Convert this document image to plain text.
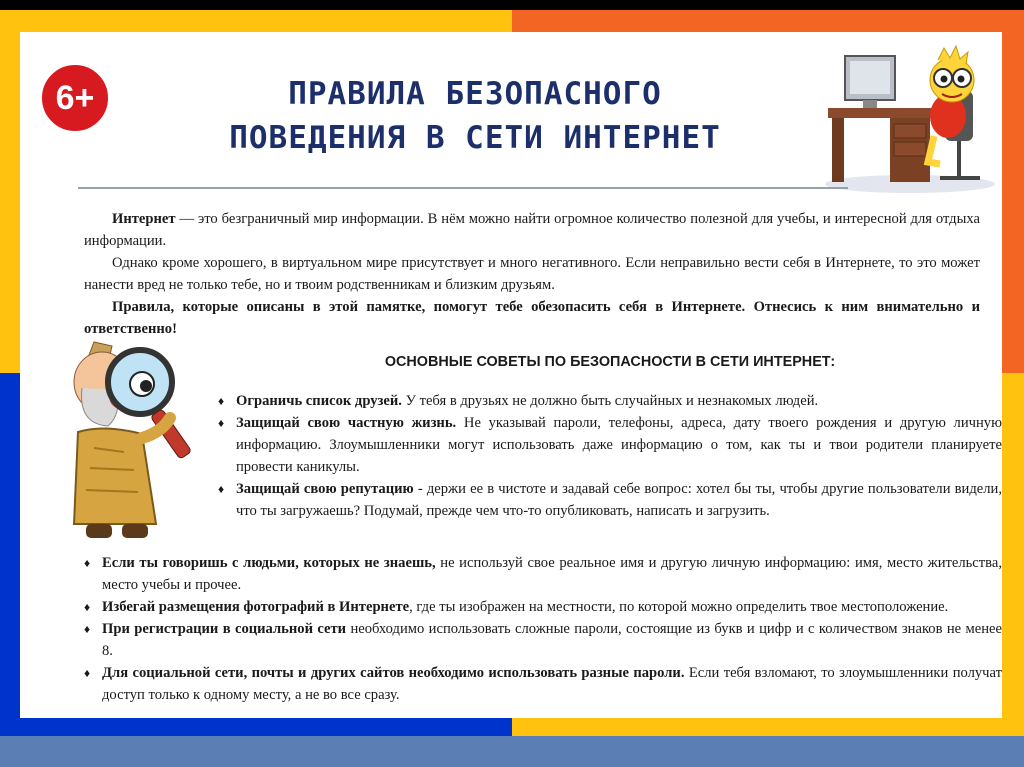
6+	ПРАВИЛА БЕЗОПАСНОГО
ПОВЕДЕНИЯ В СЕТИ ИНТЕРНЕТ

Интернет — это безграничный мир информации. В нём можно найти огромное количество полезной для учебы, и интересной для отдыха информации.

Однако кроме хорошего, в виртуальном мире присутствует и много негативного. Если неправильно вести себя в Интернете, то это может нанести вред не только тебе, но и твоим родственникам и близким друзьям.

Правила, которые описаны в этой памятке, помогут тебе обезопасить себя в Интернете. Отнесись к ним внимательно и ответственно!

ОСНОВНЫЕ СОВЕТЫ ПО БЕЗОПАСНОСТИ В СЕТИ ИНТЕРНЕТ:

♦ Ограничь список друзей. У тебя в друзьях не должно быть случайных и незнакомых людей.

♦ Защищай свою частную жизнь. Не указывай пароли, телефоны, адреса, дату твоего рождения и другую личную информацию. Злоумышленники могут использовать даже информацию о том, как ты и твои родители планируете провести каникулы.

♦ Защищай свою репутацию - держи ее в чистоте и задавай себе вопрос: хотел бы ты, чтобы другие пользователи видели, что ты загружаешь? Подумай, прежде чем что-то опубликовать, написать и загрузить.

♦ Если ты говоришь с людьми, которых не знаешь, не используй свое реальное имя и другую личную информацию: имя, место жительства, место учебы и прочее.

♦ Избегай размещения фотографий в Интернете, где ты изображен на местности, по которой можно определить твое местоположение.

♦ При регистрации в социальной сети необходимо использовать сложные пароли, состоящие из букв и цифр и с количеством знаков не менее 8.

♦ Для социальной сети, почты и других сайтов необходимо использовать разные пароли. Если тебя взломают, то злоумышленники получат доступ только к одному месту, а не во все сразу.
